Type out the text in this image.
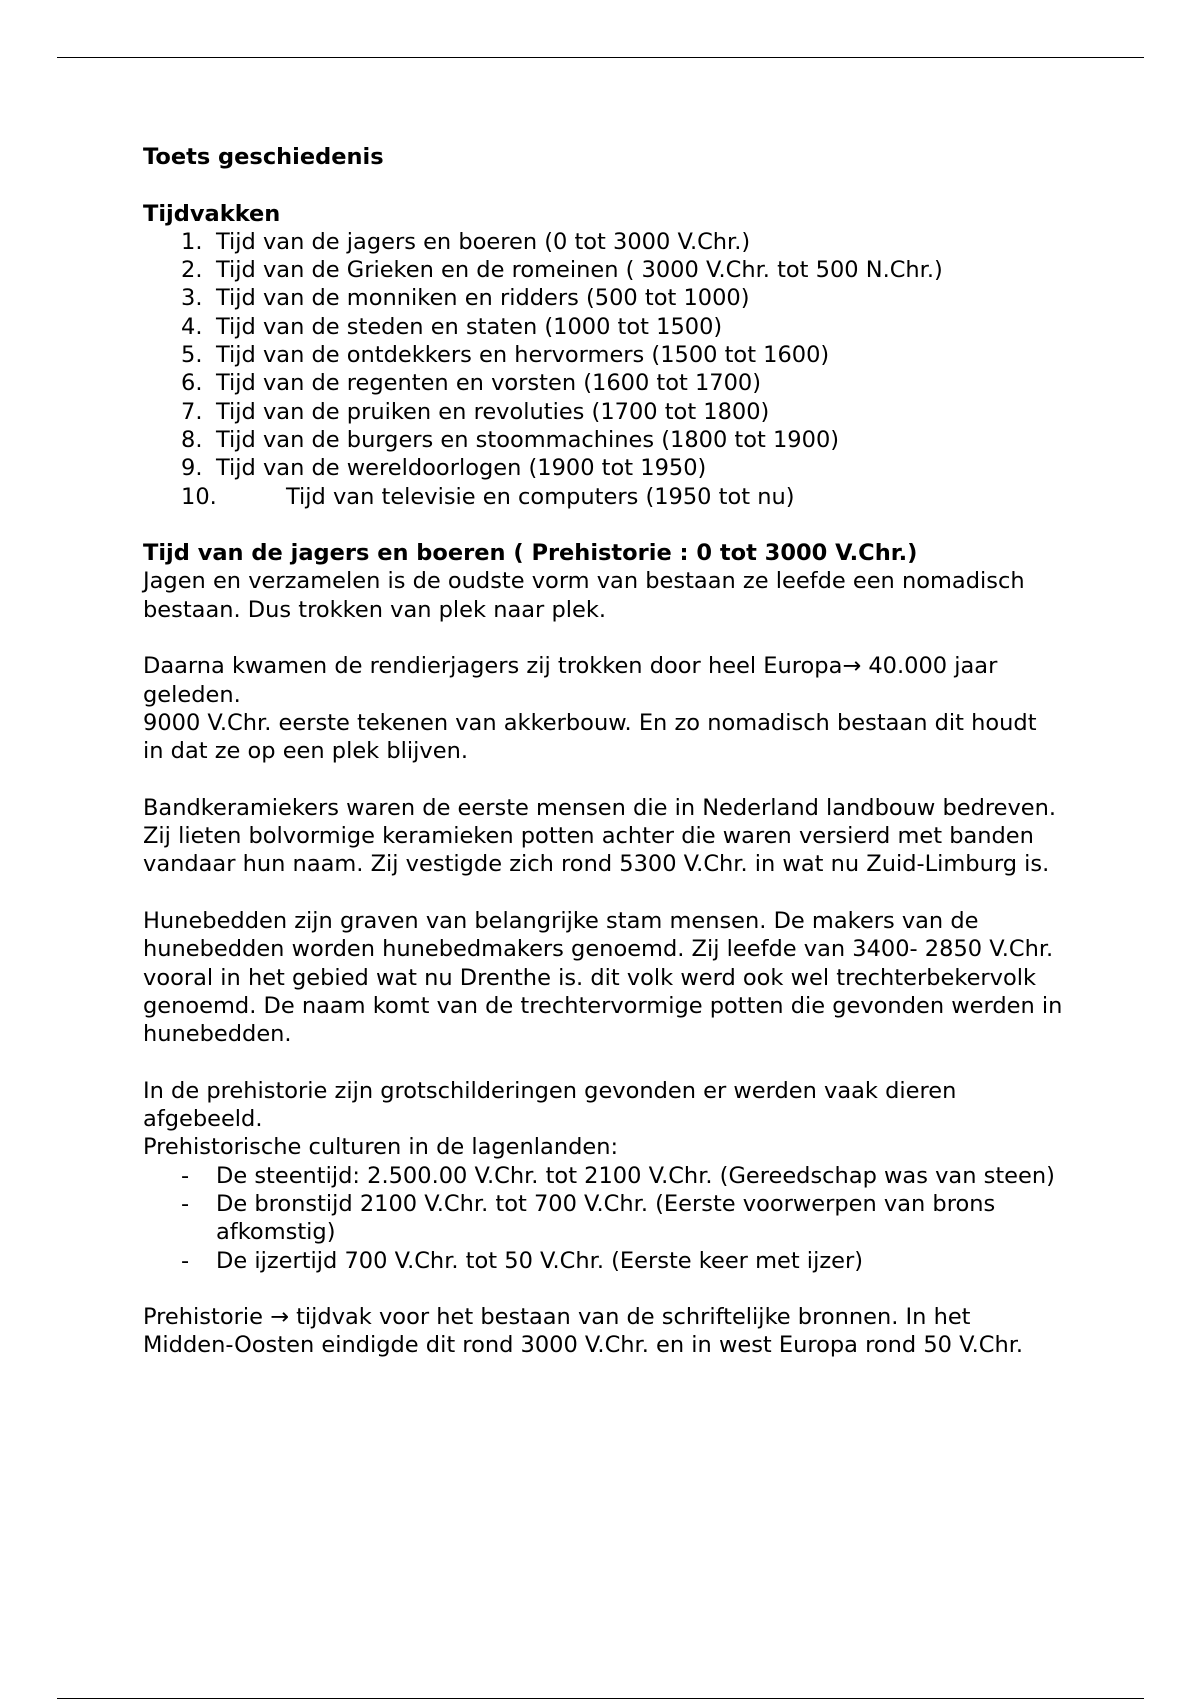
Toets geschiedenis

Tijdvakken

1. Tijd van de jagers en boeren (0 tot 3000 V.Chr.)
2. Tijd van de Grieken en de romeinen ( 3000 V.Chr. tot 500 N.Chr.)
3. Tijd van de monniken en ridders (500 tot 1000)
4. Tijd van de steden en staten (1000 tot 1500)
5. Tijd van de ontdekkers en hervormers (1500 tot 1600)
6. Tijd van de regenten en vorsten (1600 tot 1700)
7. Tijd van de pruiken en revoluties (1700 tot 1800)
8. Tijd van de burgers en stoommachines (1800 tot 1900)
9. Tijd van de wereldoorlogen (1900 tot 1950)
10.	Tijd van televisie en computers (1950 tot nu)

Tijd van de jagers en boeren ( Prehistorie : 0 tot 3000 V.Chr.)

Jagen en verzamelen is de oudste vorm van bestaan ze leefde een nomadisch bestaan. Dus trokken van plek naar plek.

Daarna kwamen de rendierjagers zij trokken door heel Europa→ 40.000 jaar geleden.

9000 V.Chr. eerste tekenen van akkerbouw. En zo nomadisch bestaan dit houdt in dat ze op een plek blijven.

Bandkeramiekers waren de eerste mensen die in Nederland landbouw bedreven. Zij lieten bolvormige keramieken potten achter die waren versierd met banden vandaar hun naam. Zij vestigde zich rond 5300 V.Chr. in wat nu Zuid-Limburg is.

Hunebedden zijn graven van belangrijke stam mensen. De makers van de hunebedden worden hunebedmakers genoemd. Zij leefde van 3400- 2850 V.Chr. vooral in het gebied wat nu Drenthe is. dit volk werd ook wel trechterbekervolk genoemd. De naam komt van de trechtervormige potten die gevonden werden in hunebedden.

In de prehistorie zijn grotschilderingen gevonden er werden vaak dieren afgebeeld.

Prehistorische culturen in de lagenlanden:

- De steentijd: 2.500.00 V.Chr. tot 2100 V.Chr. (Gereedschap was van steen)
- De bronstijd 2100 V.Chr. tot 700 V.Chr. (Eerste voorwerpen van brons afkomstig)
- De ijzertijd 700 V.Chr. tot 50 V.Chr. (Eerste keer met ijzer)

Prehistorie → tijdvak voor het bestaan van de schriftelijke bronnen. In het Midden-Oosten eindigde dit rond 3000 V.Chr. en in west Europa rond 50 V.Chr.
